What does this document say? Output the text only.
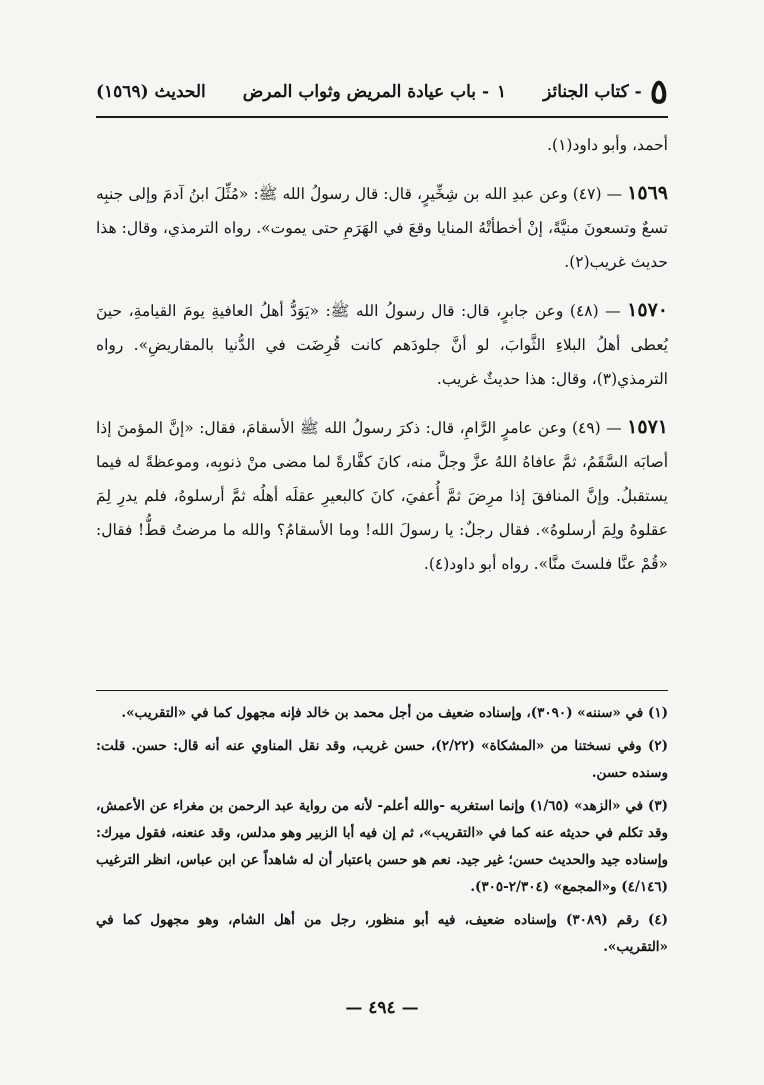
٥
- كتاب الجنائز
١
- باب عيادة المريض وثواب المرض
الحديث (١٥٦٩)

أحمد، وأبو داود(١).

١٥٦٩ — (٤٧) وعن عبدِ الله بن شِخِّيرٍ، قال: قال رسولُ الله ﷺ: «مُثِّلَ ابنُ آدمَ وإلى جنبِه تسعٌ وتسعونَ منيَّةً، إنْ أخطأتْهُ المنايا وقعَ في الهَرَمِ حتى يموت». رواه الترمذي، وقال: هذا حديث غريب(٢).

١٥٧٠ — (٤٨) وعن جابرٍ، قال: قال رسولُ الله ﷺ: «يَوَدُّ أهلُ العافيةِ يومَ القيامةِ، حينَ يُعطى أهلُ البلاءِ الثَّوابَ، لو أنَّ جلودَهم كانت قُرِضَت في الدُّنيا بالمقاريضِ». رواه الترمذي(٣)، وقال: هذا حديثٌ غريب.

١٥٧١ — (٤٩) وعن عامرٍ الرَّامِ، قال: ذكرَ رسولُ الله ﷺ الأسقامَ، فقال: «إنَّ المؤمنَ إذا أصابَه السَّقَمُ، ثمَّ عافاهُ اللهُ عزَّ وجلَّ منه، كانَ كفَّارةً لما مضى منْ ذنوبِه، وموعظةً له فيما يستقبلُ. وإنَّ المنافقَ إذا مرِضَ ثمَّ أُعفيَ، كانَ كالبعيرِ عقلَه أهلُه ثمَّ أرسلوهُ، فلم يدرِ لِمَ عقلوهُ ولِمَ أرسلوهُ». فقال رجلٌ: يا رسولَ الله! وما الأسقامُ؟ والله ما مرضتُ قطُّ! فقال: «قُمْ عنَّا فلستَ منَّا». رواه أبو داود(٤).

(١) في «سننه» (٣٠٩٠)، وإسناده ضعيف من أجل محمد بن خالد فإنه مجهول كما في «التقريب».

(٢) وفي نسختنا من «المشكاة» (٢/٢٢)، حسن غريب، وقد نقل المناوي عنه أنه قال: حسن. قلت: وسنده حسن.

(٣) في «الزهد» (١/٦٥) وإنما استغربه -والله أعلم- لأنه من رواية عبد الرحمن بن مغراء عن الأعمش، وقد تكلم في حديثه عنه كما في «التقريب»، ثم إن فيه أبا الزبير وهو مدلس، وقد عنعنه، فقول ميرك: وإسناده جيد والحديث حسن؛ غير جيد. نعم هو حسن باعتبار أن له شاهداً عن ابن عباس، انظر الترغيب (٤/١٤٦) و«المجمع» (٢/٣٠٤-٣٠٥).

(٤) رقم (٣٠٨٩) وإسناده ضعيف، فيه أبو منظور، رجل من أهل الشام، وهو مجهول كما في «التقريب».

— ٤٩٤ —
